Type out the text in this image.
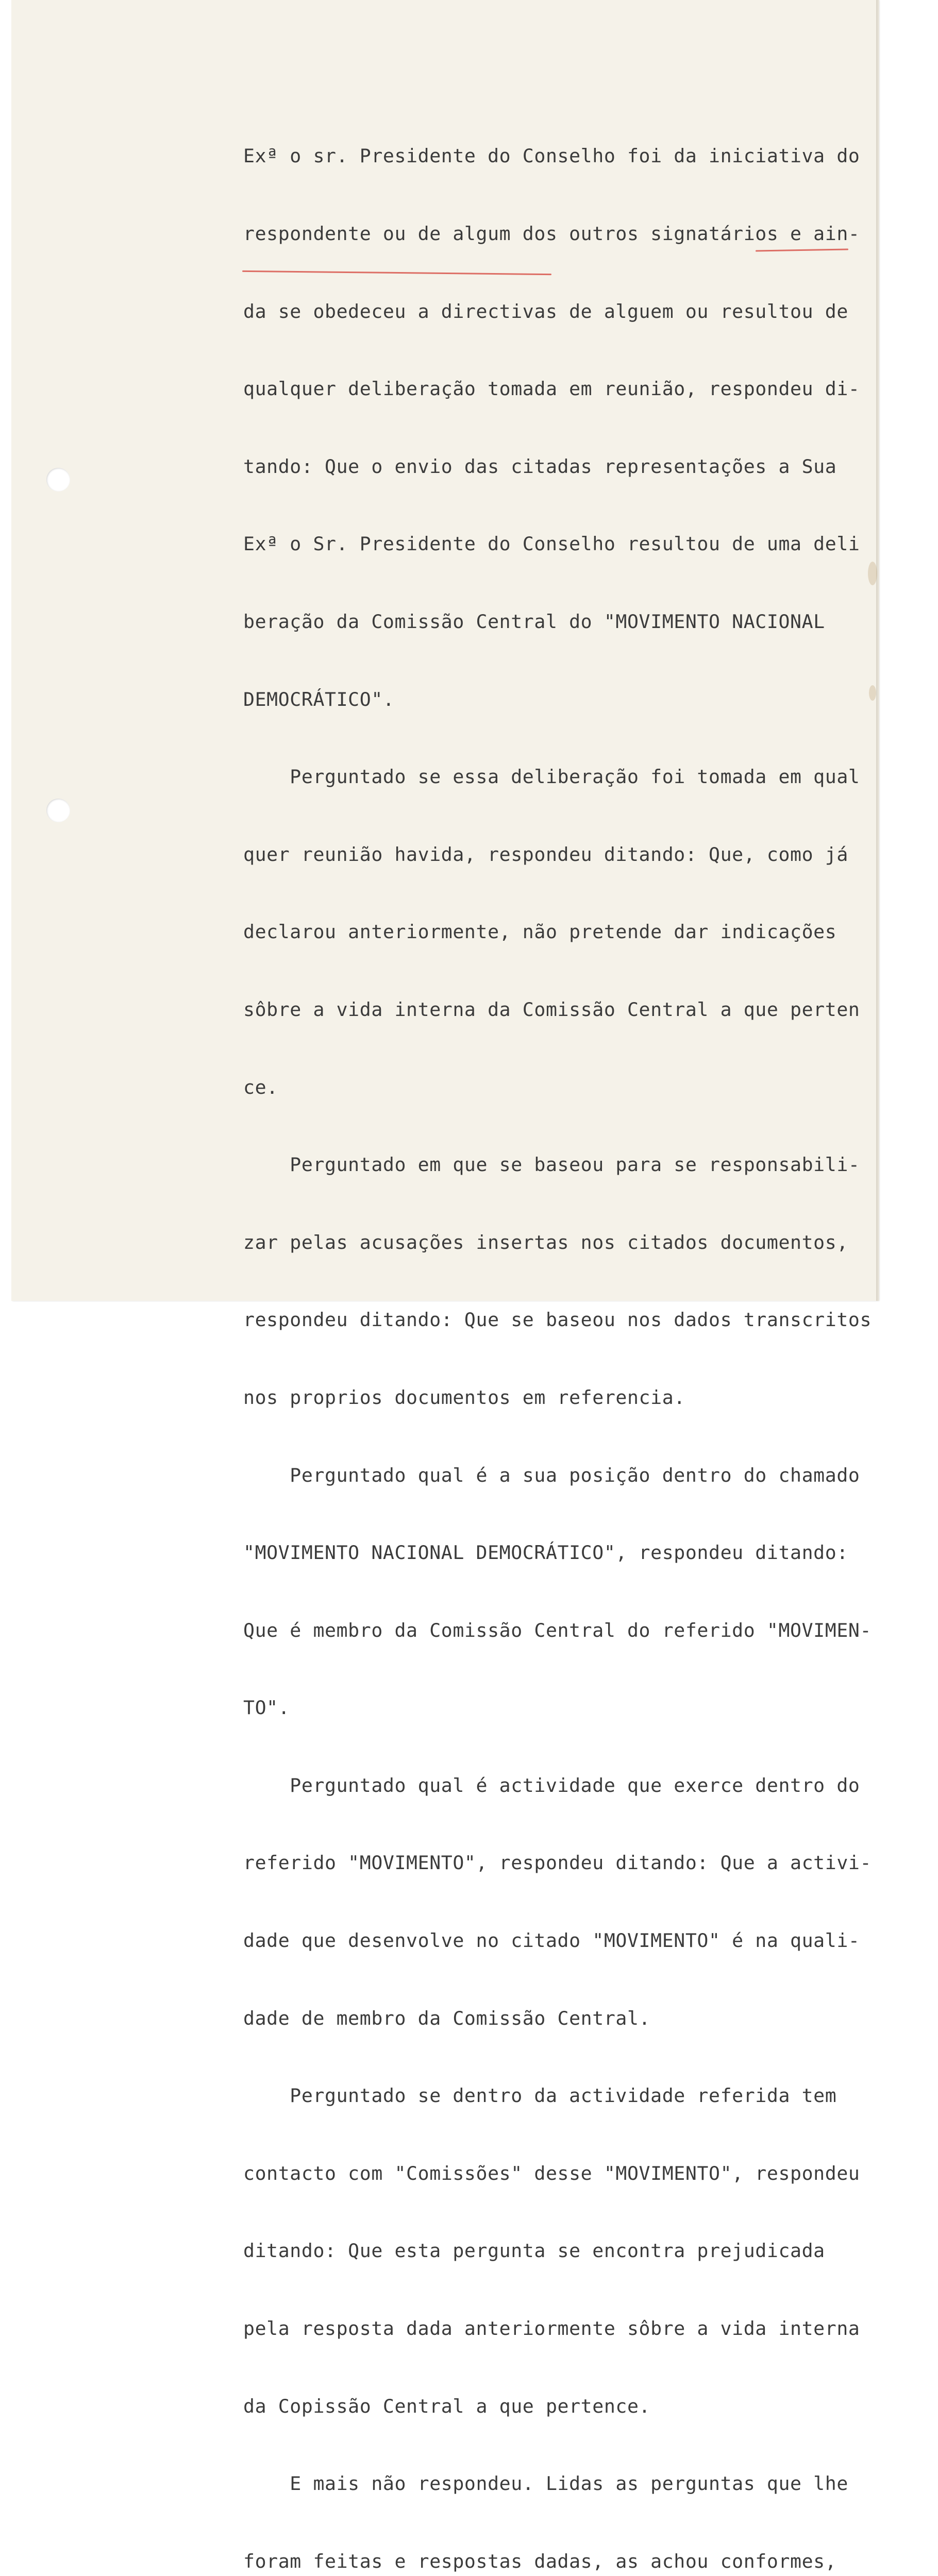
Exª o sr. Presidente do Conselho foi da iniciativa do

respondente ou de algum dos outros signatários e ain-

da se obedeceu a directivas de alguem ou resultou de

qualquer deliberação tomada em reunião, respondeu di-

tando: Que o envio das citadas representações a Sua

Exª o Sr. Presidente do Conselho resultou de uma deli

beração da Comissão Central do "MOVIMENTO NACIONAL

DEMOCRÁTICO".

Perguntado se essa deliberação foi tomada em qual

quer reunião havida, respondeu ditando: Que, como já

declarou anteriormente, não pretende dar indicações

sôbre a vida interna da Comissão Central a que perten

ce.

Perguntado em que se baseou para se responsabili-

zar pelas acusações insertas nos citados documentos,

respondeu ditando: Que se baseou nos dados transcritos

nos proprios documentos em referencia.

Perguntado qual é a sua posição dentro do chamado

"MOVIMENTO NACIONAL DEMOCRÁTICO", respondeu ditando:

Que é membro da Comissão Central do referido "MOVIMEN-

TO".

Perguntado qual é actividade que exerce dentro do

referido "MOVIMENTO", respondeu ditando: Que a activi-

dade que desenvolve no citado "MOVIMENTO" é na quali-

dade de membro da Comissão Central.

Perguntado se dentro da actividade referida tem

contacto com "Comissões" desse "MOVIMENTO", respondeu

ditando: Que esta pergunta se encontra prejudicada

pela resposta dada anteriormente sôbre a vida interna

da Copissão Central a que pertence.

E mais não respondeu. Lidas as perguntas que lhe

foram feitas e respostas dadas, as achou conformes,
